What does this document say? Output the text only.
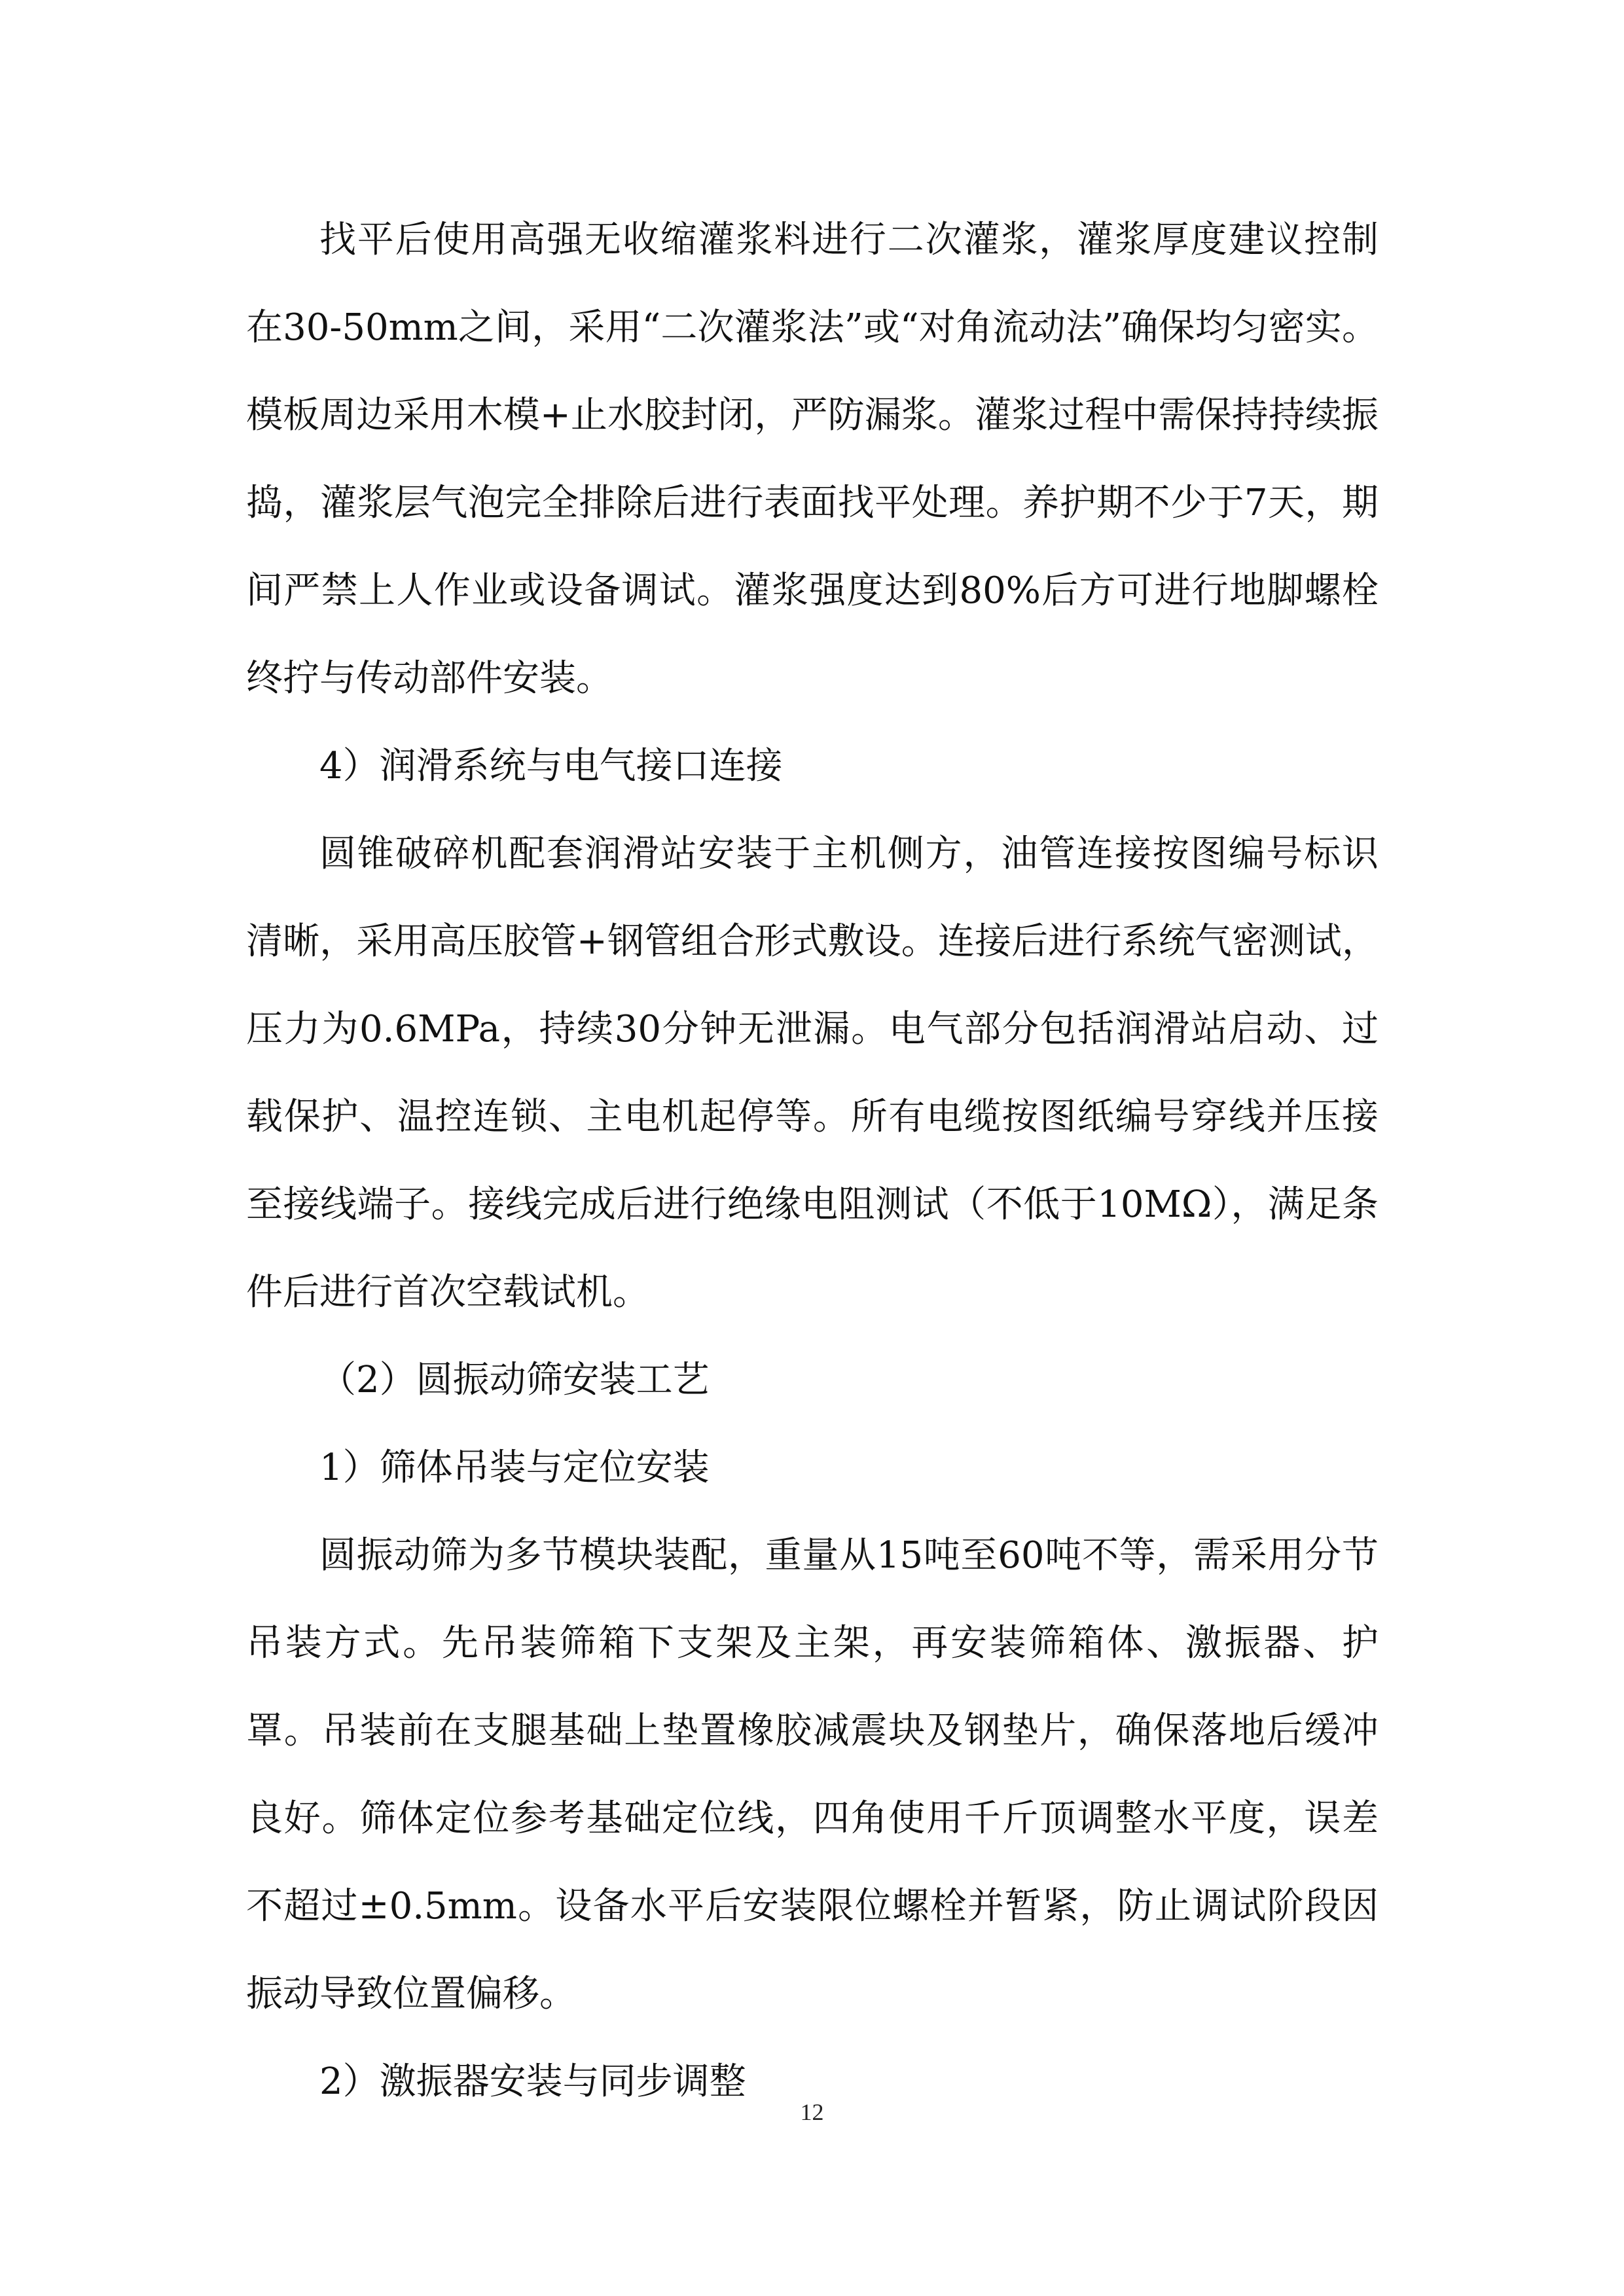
找平后使用高强无收缩灌浆料进行二次灌浆，灌浆厚度建议控制在30-50mm之间，采用“二次灌浆法”或“对角流动法”确保均匀密实。模板周边采用木模+止水胶封闭，严防漏浆。灌浆过程中需保持持续振捣，灌浆层气泡完全排除后进行表面找平处理。养护期不少于7天，期间严禁上人作业或设备调试。灌浆强度达到80%后方可进行地脚螺栓终拧与传动部件安装。

4）润滑系统与电气接口连接

圆锥破碎机配套润滑站安装于主机侧方，油管连接按图编号标识清晰，采用高压胶管+钢管组合形式敷设。连接后进行系统气密测试，压力为0.6MPa，持续30分钟无泄漏。电气部分包括润滑站启动、过载保护、温控连锁、主电机起停等。所有电缆按图纸编号穿线并压接至接线端子。接线完成后进行绝缘电阻测试（不低于10MΩ），满足条件后进行首次空载试机。

（2）圆振动筛安装工艺

1）筛体吊装与定位安装

圆振动筛为多节模块装配，重量从15吨至60吨不等，需采用分节吊装方式。先吊装筛箱下支架及主架，再安装筛箱体、激振器、护罩。吊装前在支腿基础上垫置橡胶减震块及钢垫片，确保落地后缓冲良好。筛体定位参考基础定位线，四角使用千斤顶调整水平度，误差不超过±0.5mm。设备水平后安装限位螺栓并暂紧，防止调试阶段因振动导致位置偏移。

2）激振器安装与同步调整

12
